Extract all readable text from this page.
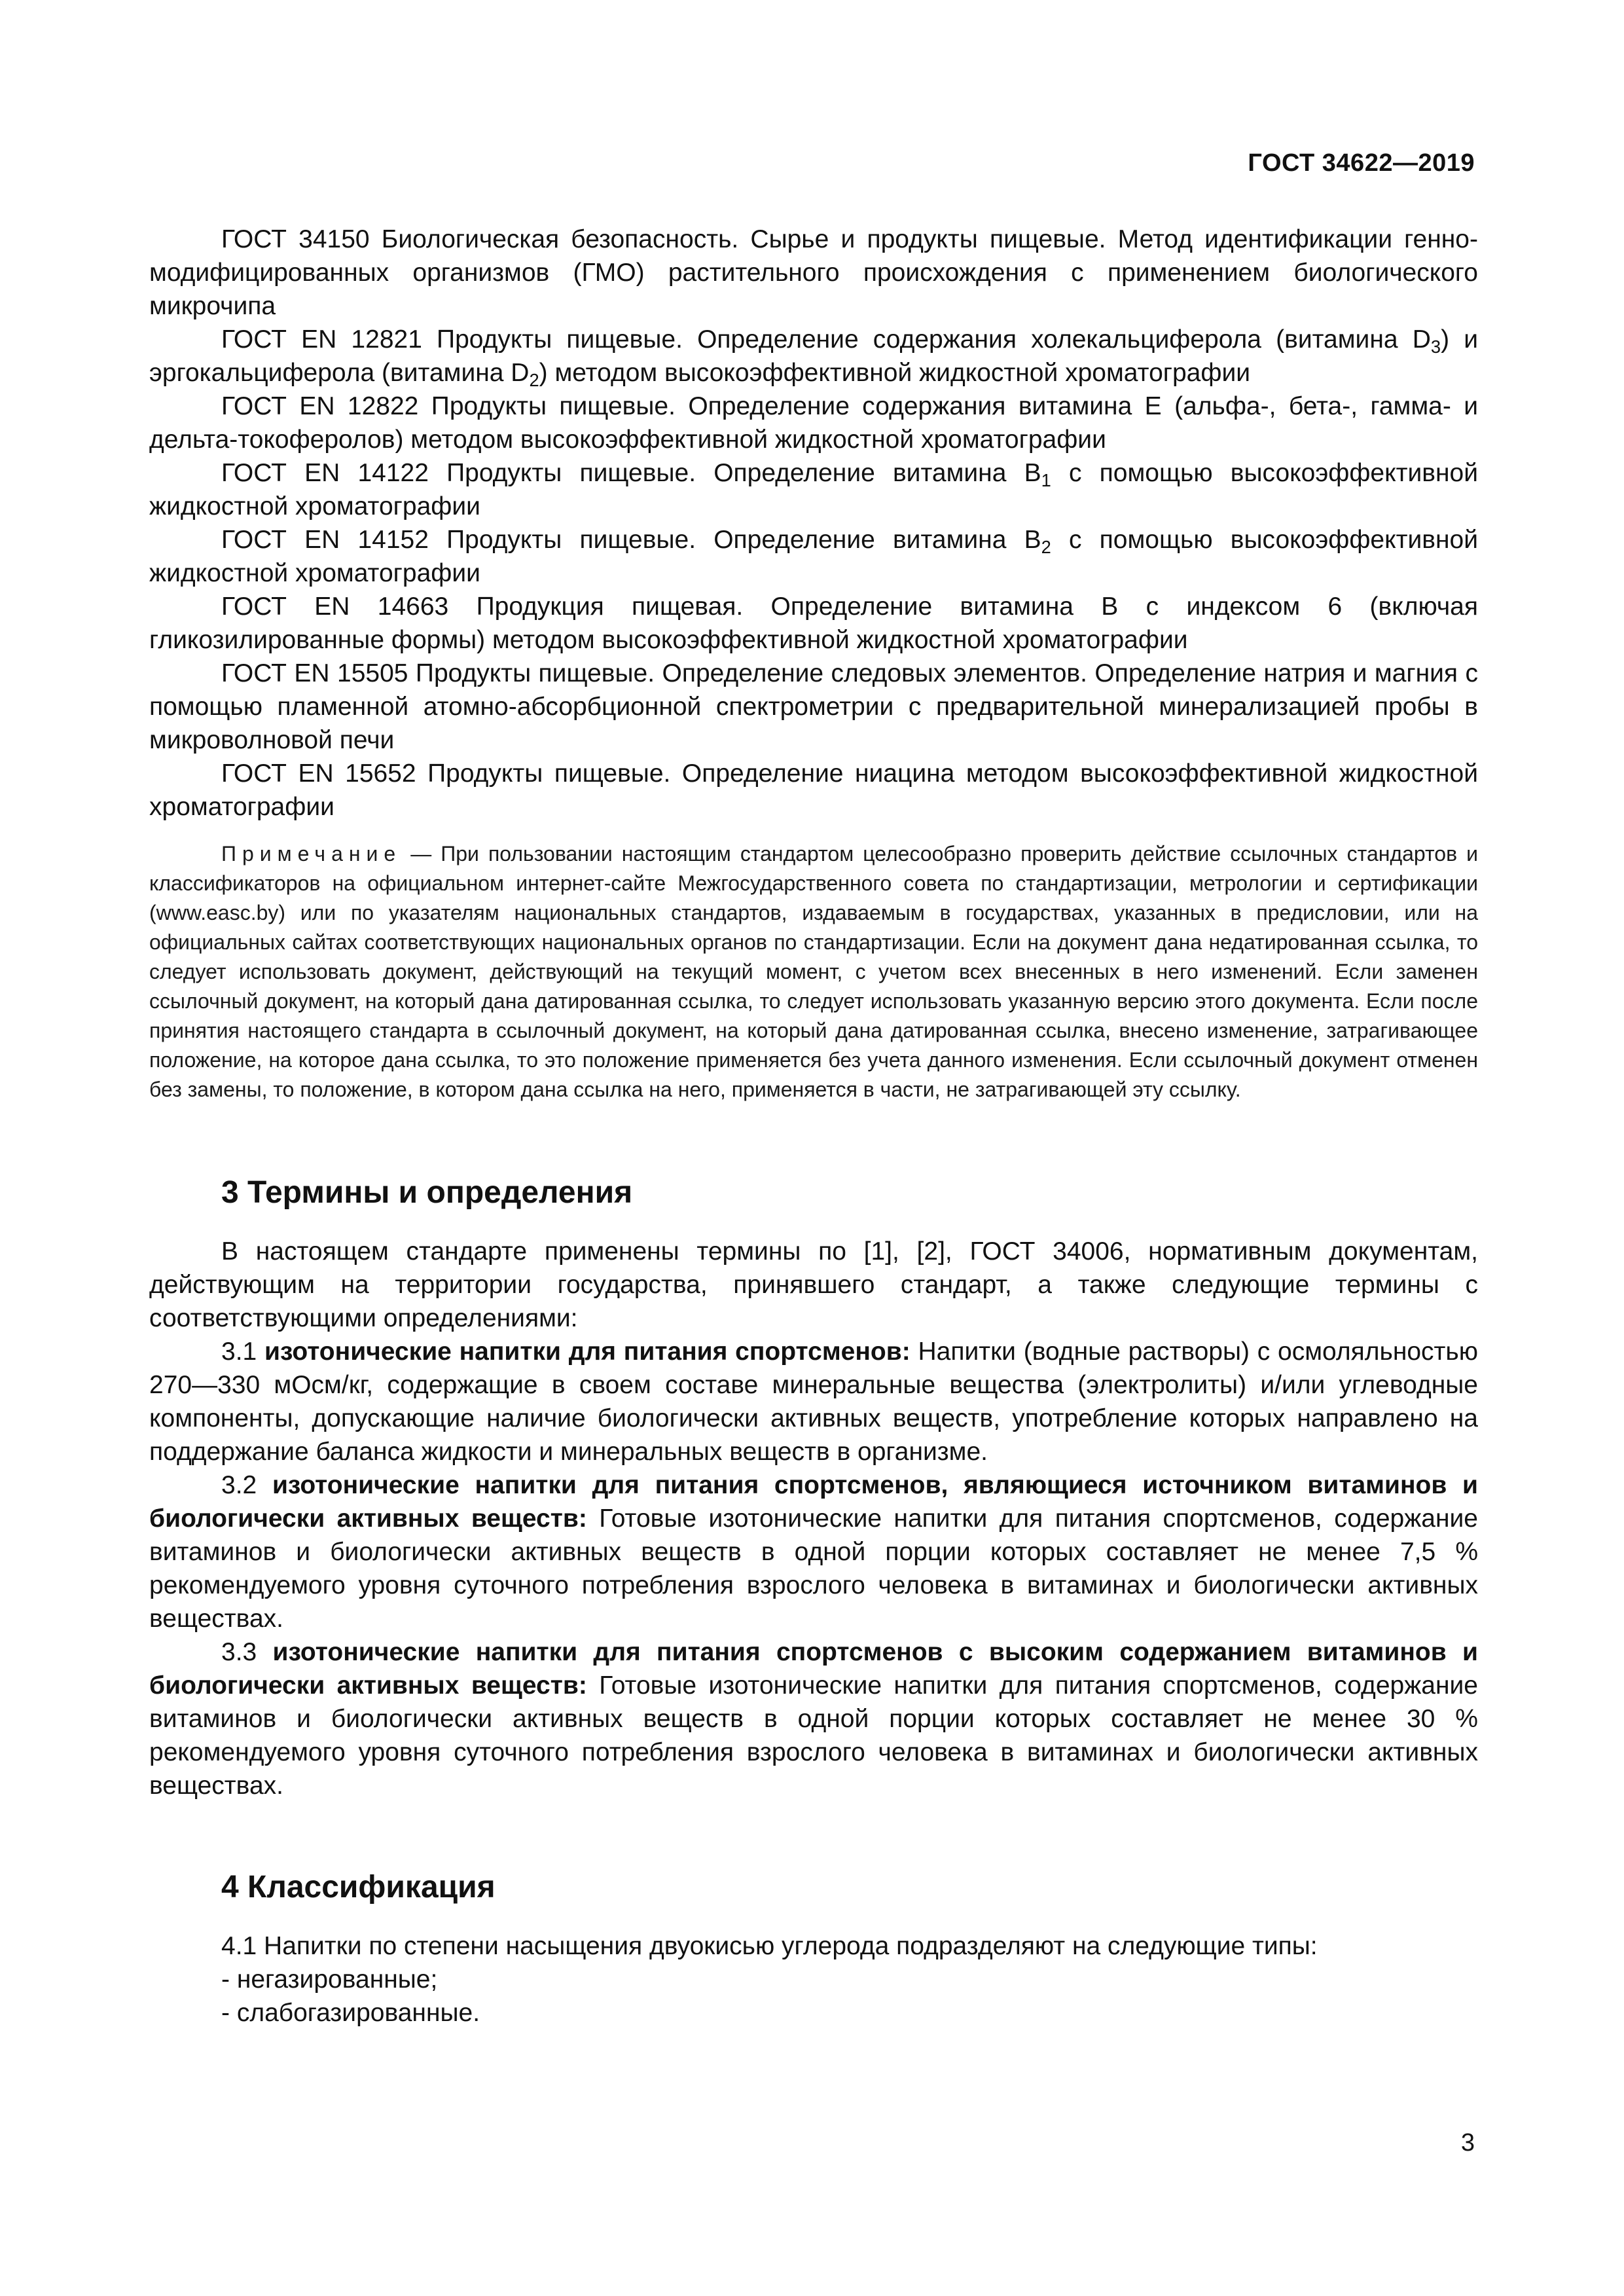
ГОСТ 34622—2019

ГОСТ 34150 Биологическая безопасность. Сырье и продукты пищевые. Метод идентификации генно-модифицированных организмов (ГМО) растительного происхождения с применением биологического микрочипа

ГОСТ EN 12821 Продукты пищевые. Определение содержания холекальциферола (витамина $D_3$) и эргокальциферола (витамина $D_2$) методом высокоэффективной жидкостной хроматографии

ГОСТ EN 12822 Продукты пищевые. Определение содержания витамина Е (альфа-, бета-, гамма- и дельта-токоферолов) методом высокоэффективной жидкостной хроматографии

ГОСТ EN 14122 Продукты пищевые. Определение витамина $B_1$ с помощью высокоэффективной жидкостной хроматографии

ГОСТ EN 14152 Продукты пищевые. Определение витамина $B_2$ с помощью высокоэффективной жидкостной хроматографии

ГОСТ EN 14663 Продукция пищевая. Определение витамина B с индексом 6 (включая гликозилированные формы) методом высокоэффективной жидкостной хроматографии

ГОСТ EN 15505 Продукты пищевые. Определение следовых элементов. Определение натрия и магния с помощью пламенной атомно-абсорбционной спектрометрии с предварительной минерализацией пробы в микроволновой печи

ГОСТ EN 15652 Продукты пищевые. Определение ниацина методом высокоэффективной жидкостной хроматографии

Примечание — При пользовании настоящим стандартом целесообразно проверить действие ссылочных стандартов и классификаторов на официальном интернет-сайте Межгосударственного совета по стандартизации, метрологии и сертификации (www.easc.by) или по указателям национальных стандартов, издаваемым в государствах, указанных в предисловии, или на официальных сайтах соответствующих национальных органов по стандартизации. Если на документ дана недатированная ссылка, то следует использовать документ, действующий на текущий момент, с учетом всех внесенных в него изменений. Если заменен ссылочный документ, на который дана датированная ссылка, то следует использовать указанную версию этого документа. Если после принятия настоящего стандарта в ссылочный документ, на который дана датированная ссылка, внесено изменение, затрагивающее положение, на которое дана ссылка, то это положение применяется без учета данного изменения. Если ссылочный документ отменен без замены, то положение, в котором дана ссылка на него, применяется в части, не затрагивающей эту ссылку.

3 Термины и определения

В настоящем стандарте применены термины по [1], [2], ГОСТ 34006, нормативным документам, действующим на территории государства, принявшего стандарт, а также следующие термины с соответствующими определениями:

3.1 изотонические напитки для питания спортсменов: Напитки (водные растворы) с осмоляльностью 270—330 мОсм/кг, содержащие в своем составе минеральные вещества (электролиты) и/или углеводные компоненты, допускающие наличие биологически активных веществ, употребление которых направлено на поддержание баланса жидкости и минеральных веществ в организме.

3.2 изотонические напитки для питания спортсменов, являющиеся источником витаминов и биологически активных веществ: Готовые изотонические напитки для питания спортсменов, содержание витаминов и биологически активных веществ в одной порции которых составляет не менее 7,5 % рекомендуемого уровня суточного потребления взрослого человека в витаминах и биологически активных веществах.

3.3 изотонические напитки для питания спортсменов с высоким содержанием витаминов и биологически активных веществ: Готовые изотонические напитки для питания спортсменов, содержание витаминов и биологически активных веществ в одной порции которых составляет не менее 30 % рекомендуемого уровня суточного потребления взрослого человека в витаминах и биологически активных веществах.

4 Классификация

4.1 Напитки по степени насыщения двуокисью углерода подразделяют на следующие типы:

- негазированные;

- слабогазированные.

3
